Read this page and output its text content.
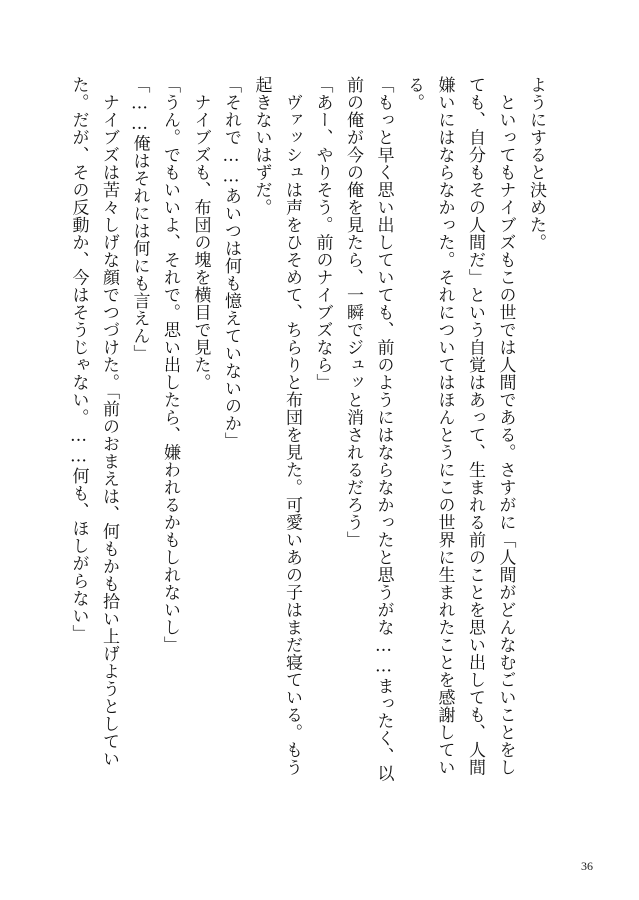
ようにすると決めた。
　といってもナイブズもこの世では人間である。さすがに「人間がどんなむごいことをし
ても、自分もその人間だ」という自覚はあって、生まれる前のことを思い出しても、人間
嫌いにはならなかった。それについてはほんとうにこの世界に生まれたことを感謝してい
る。
「もっと早く思い出していても、前のようにはならなかったと思うがな……まったく、以
前の俺が今の俺を見たら、一瞬でジュッと消されるだろう」
「あー、やりそう。前のナイブズなら」
　ヴァッシュは声をひそめて、ちらりと布団を見た。可愛いあの子はまだ寝ている。もう
起きないはずだ。
「それで……あいつは何も憶えていないのか」
　ナイブズも、布団の塊を横目で見た。
「うん。でもいいよ、それで。思い出したら、嫌われるかもしれないし」
「……俺はそれには何にも言えん」
　ナイブズは苦々しげな顔でつづけた。「前のおまえは、何もかも拾い上げようとしてい
た。だが、その反動か、今はそうじゃない。……何も、ほしがらない」
36
